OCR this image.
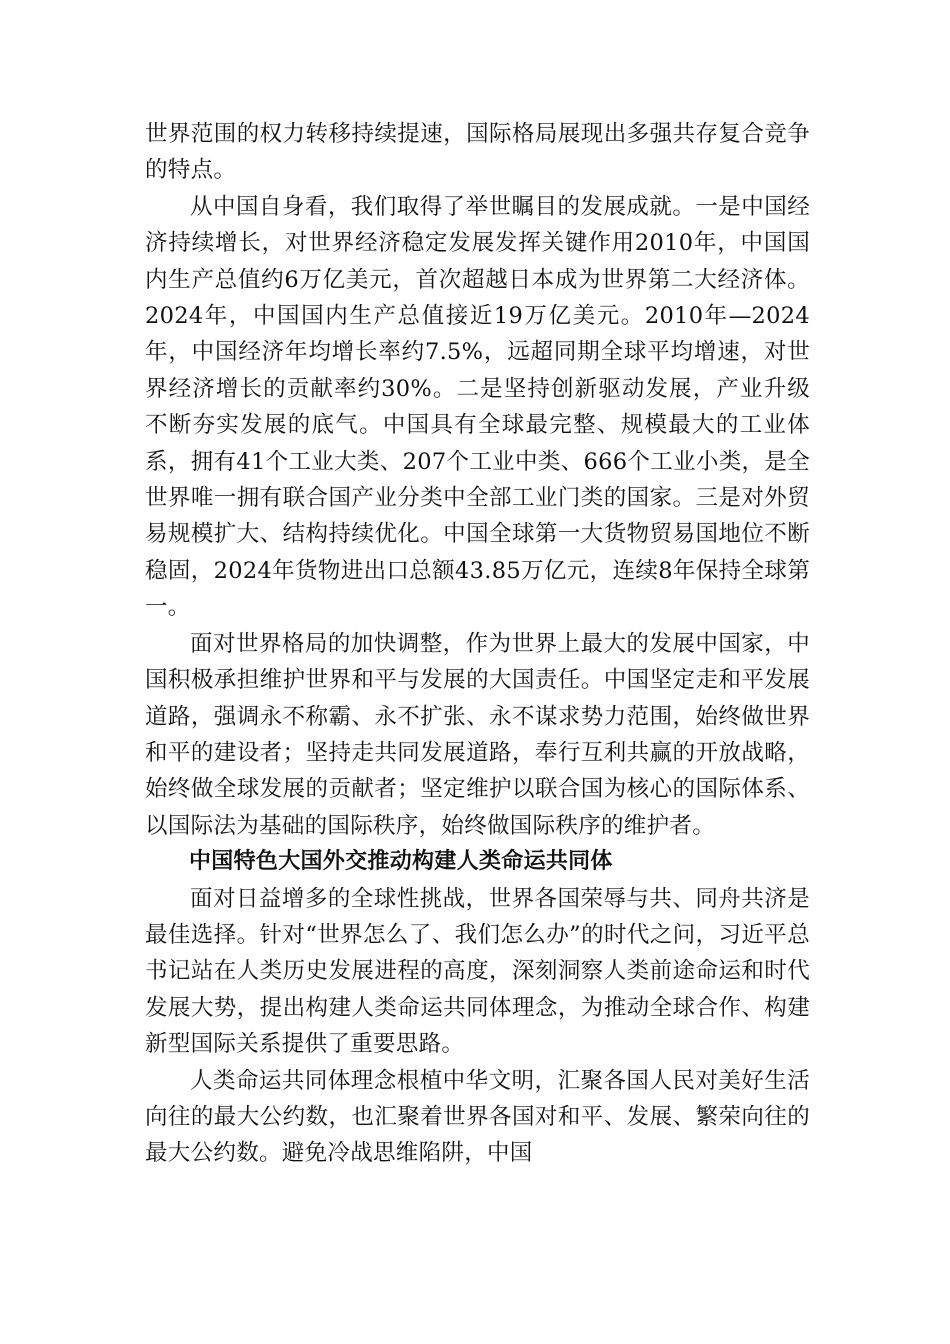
世界范围的权力转移持续提速，国际格局展现出多强共存复合竞争的特点。

从中国自身看，我们取得了举世瞩目的发展成就。一是中国经济持续增长，对世界经济稳定发展发挥关键作用2010年，中国国内生产总值约6万亿美元，首次超越日本成为世界第二大经济体。2024年，中国国内生产总值接近19万亿美元。2010年—2024年，中国经济年均增长率约7.5%，远超同期全球平均增速，对世界经济增长的贡献率约30%。二是坚持创新驱动发展，产业升级不断夯实发展的底气。中国具有全球最完整、规模最大的工业体系，拥有41个工业大类、207个工业中类、666个工业小类，是全世界唯一拥有联合国产业分类中全部工业门类的国家。三是对外贸易规模扩大、结构持续优化。中国全球第一大货物贸易国地位不断稳固，2024年货物进出口总额43.85万亿元，连续8年保持全球第一。

面对世界格局的加快调整，作为世界上最大的发展中国家，中国积极承担维护世界和平与发展的大国责任。中国坚定走和平发展道路，强调永不称霸、永不扩张、永不谋求势力范围，始终做世界和平的建设者；坚持走共同发展道路，奉行互利共赢的开放战略，始终做全球发展的贡献者；坚定维护以联合国为核心的国际体系、以国际法为基础的国际秩序，始终做国际秩序的维护者。

中国特色大国外交推动构建人类命运共同体

面对日益增多的全球性挑战，世界各国荣辱与共、同舟共济是最佳选择。针对“世界怎么了、我们怎么办”的时代之问，习近平总书记站在人类历史发展进程的高度，深刻洞察人类前途命运和时代发展大势，提出构建人类命运共同体理念，为推动全球合作、构建新型国际关系提供了重要思路。

人类命运共同体理念根植中华文明，汇聚各国人民对美好生活向往的最大公约数，也汇聚着世界各国对和平、发展、繁荣向往的最大公约数。避免冷战思维陷阱，中国
